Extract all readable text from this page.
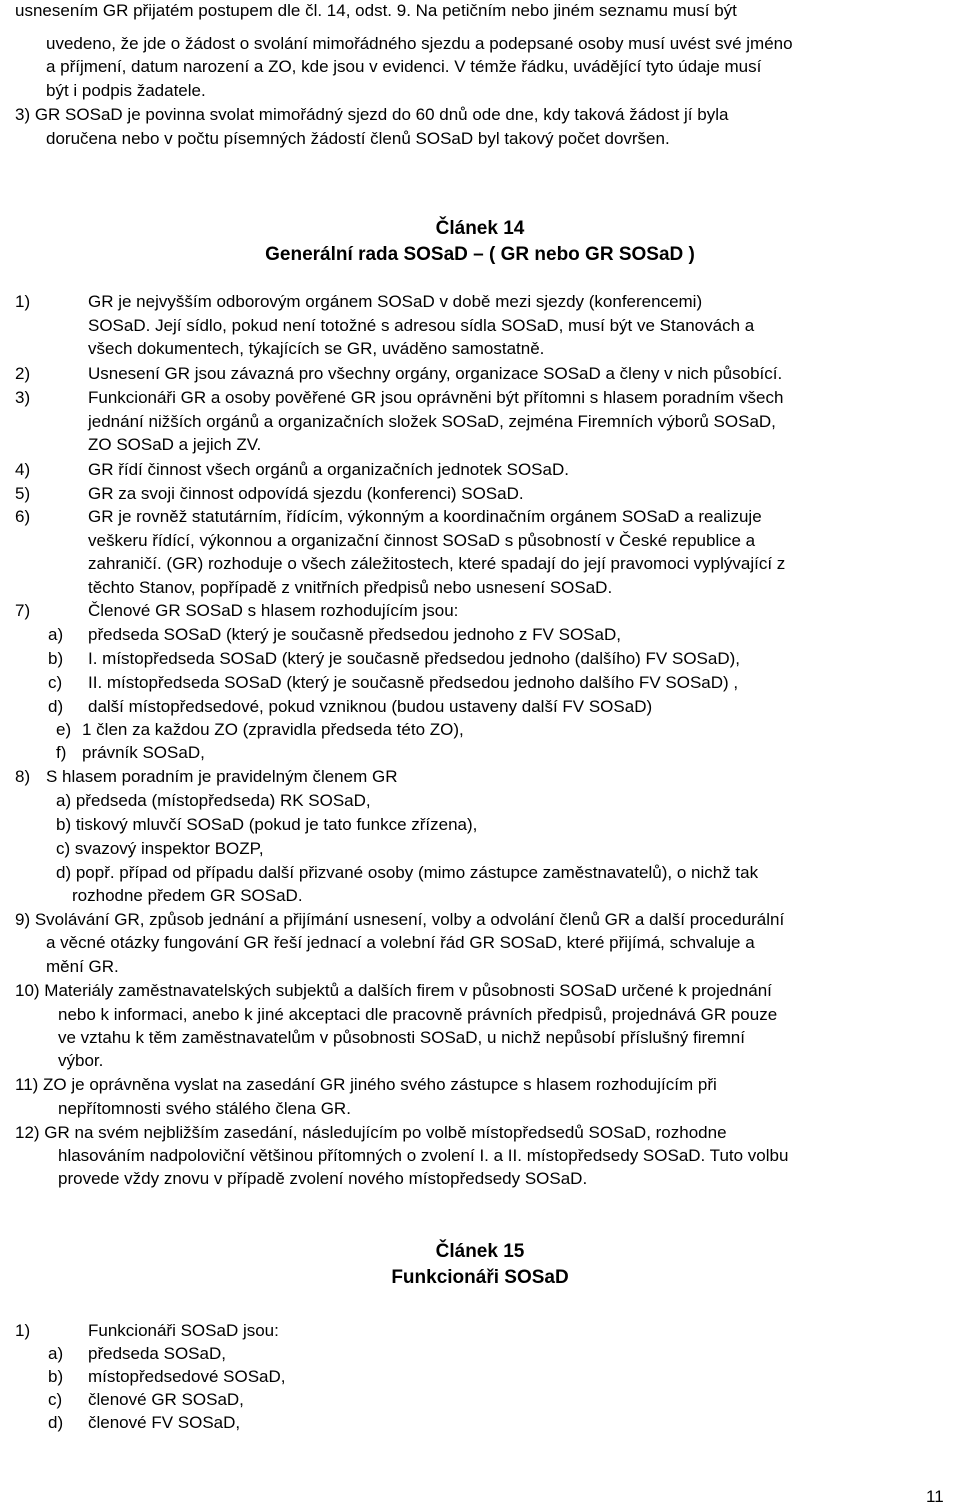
usnesením GR přijatém postupem dle čl. 14, odst. 9. Na petičním nebo jiném seznamu musí být
uvedeno, že jde o žádost o svolání mimořádného sjezdu a podepsané osoby musí uvést své jméno
a příjmení, datum narození a ZO, kde jsou v evidenci. V témže řádku, uvádějící tyto údaje musí
být i podpis žadatele.
3) GR SOSaD je povinna svolat mimořádný sjezd do 60 dnů ode dne, kdy taková žádost jí byla
doručena nebo v počtu písemných žádostí členů SOSaD byl takový počet dovršen.
Článek 14
Generální rada SOSaD – ( GR nebo GR SOSaD )
1)	GR je nejvyšším odborovým orgánem SOSaD v době mezi sjezdy (konferencemi)
SOSaD. Její sídlo, pokud není totožné s adresou sídla SOSaD, musí být ve Stanovách a
všech dokumentech, týkajících se GR, uváděno samostatně.
2)	Usnesení GR jsou závazná pro všechny orgány, organizace SOSaD a členy v nich působící.
3)	Funkcionáři GR a osoby pověřené GR jsou oprávněni být přítomni s hlasem poradním všech
jednání nižších orgánů a organizačních složek SOSaD, zejména Firemních výborů SOSaD,
ZO SOSaD a jejich ZV.
4)	GR řídí činnost všech orgánů a organizačních jednotek SOSaD.
5)	GR za svoji činnost odpovídá sjezdu (konferenci) SOSaD.
6)	GR je rovněž statutárním, řídícím, výkonným a koordinačním orgánem SOSaD a realizuje
veškeru řídící, výkonnou a organizační činnost SOSaD s působností v České republice a
zahraničí. (GR) rozhoduje o všech záležitostech, které spadají do její pravomoci vyplývající z
těchto Stanov, popřípadě z vnitřních předpisů nebo usnesení SOSaD.
7)	Členové GR SOSaD s hlasem rozhodujícím jsou:
a) předseda SOSaD (který je současně předsedou jednoho z FV SOSaD,
b) I. místopředseda SOSaD (který je současně předsedou jednoho (dalšího) FV SOSaD),
c) II. místopředseda SOSaD (který je současně předsedou jednoho dalšího FV SOSaD) ,
d) další místopředsedové, pokud vzniknou (budou ustaveny další FV SOSaD)
e) 1 člen za každou ZO (zpravidla předseda této ZO),
f) právník SOSaD,
8) S hlasem poradním je pravidelným členem GR
a) předseda (místopředseda) RK SOSaD,
b) tiskový mluvčí SOSaD (pokud je tato funkce zřízena),
c) svazový inspektor BOZP,
d) popř. případ od případu další přizvané osoby (mimo zástupce zaměstnavatelů), o nichž tak
rozhodne předem GR SOSaD.
9) Svolávání GR, způsob jednání a přijímání usnesení, volby a odvolání členů GR a další procedurální
a věcné otázky fungování GR řeší jednací a volební řád GR SOSaD, které přijímá, schvaluje a
mění GR.
10) Materiály zaměstnavatelských subjektů a dalších firem v působnosti SOSaD určené k projednání
nebo k informaci, anebo k jiné akceptaci dle pracovně právních předpisů, projednává GR pouze
ve vztahu k těm zaměstnavatelům v působnosti SOSaD, u nichž nepůsobí příslušný firemní
výbor.
11) ZO je oprávněna vyslat na zasedání GR jiného svého zástupce s hlasem rozhodujícím při
nepřítomnosti svého stálého člena GR.
12) GR na svém nejbližším zasedání, následujícím po volbě místopředsedů SOSaD, rozhodne
hlasováním nadpoloviční většinou přítomných o zvolení I. a II. místopředsedy SOSaD. Tuto volbu
provede vždy znovu v případě zvolení nového místopředsedy SOSaD.
Článek 15
Funkcionáři SOSaD
1)	Funkcionáři SOSaD jsou:
a) předseda SOSaD,
b) místopředsedové SOSaD,
c) členové GR SOSaD,
d) členové FV SOSaD,
11
